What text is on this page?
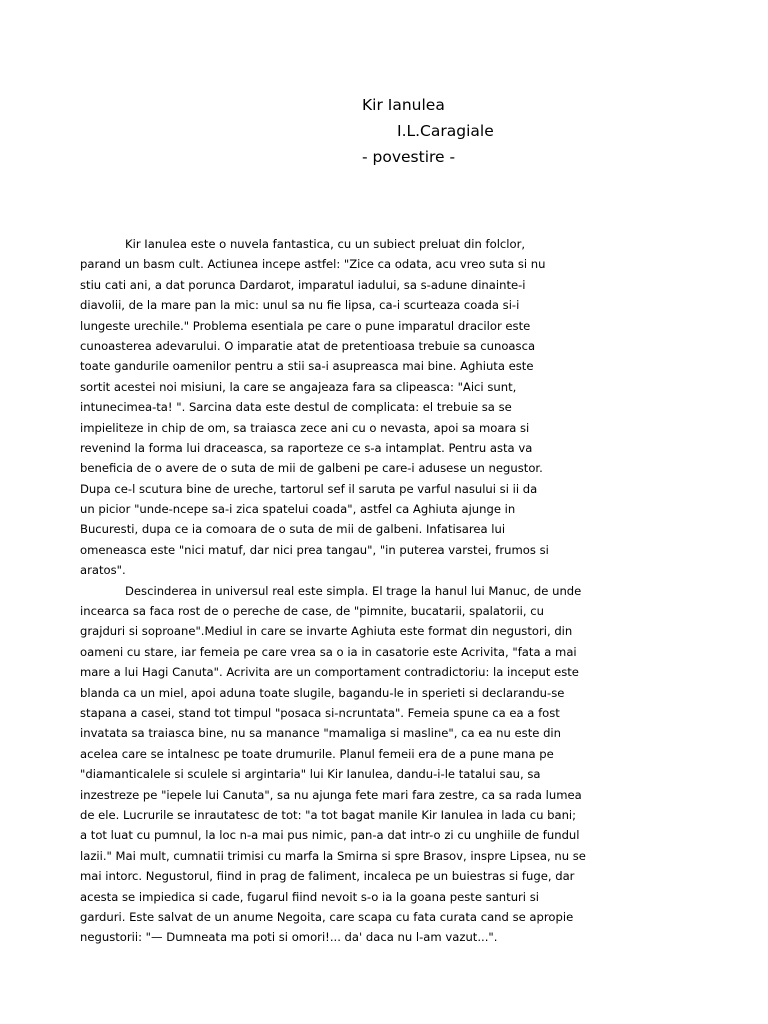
Kir Ianulea
I.L.Caragiale
- povestire -
Kir Ianulea este o nuvela fantastica, cu un subiect preluat din folclor,
parand un basm cult. Actiunea incepe astfel: "Zice ca odata, acu vreo suta si nu
stiu cati ani, a dat porunca Dardarot, imparatul iadului, sa s-adune dinainte-i
diavolii, de la mare pan la mic: unul sa nu fie lipsa, ca-i scurteaza coada si-i
lungeste urechile." Problema esentiala pe care o pune imparatul dracilor este
cunoasterea adevarului. O imparatie atat de pretentioasa trebuie sa cunoasca
toate gandurile oamenilor pentru a stii sa-i asupreasca mai bine. Aghiuta este
sortit acestei noi misiuni, la care se angajeaza fara sa clipeasca: "Aici sunt,
intunecimea-ta! ". Sarcina data este destul de complicata: el trebuie sa se
impieliteze in chip de om, sa traiasca zece ani cu o nevasta, apoi sa moara si
revenind la forma lui draceasca, sa raporteze ce s-a intamplat. Pentru asta va
beneficia de o avere de o suta de mii de galbeni pe care-i adusese un negustor.
Dupa ce-l scutura bine de ureche, tartorul sef il saruta pe varful nasului si ii da
un picior "unde-ncepe sa-i zica spatelui coada", astfel ca Aghiuta ajunge in
Bucuresti, dupa ce ia comoara de o suta de mii de galbeni. Infatisarea lui
omeneasca este "nici matuf, dar nici prea tangau", "in puterea varstei, frumos si
aratos".
Descinderea in universul real este simpla. El trage la hanul lui Manuc, de unde
incearca sa faca rost de o pereche de case, de "pimnite, bucatarii, spalatorii, cu
grajduri si soproane".Mediul in care se invarte Aghiuta este format din negustori, din
oameni cu stare, iar femeia pe care vrea sa o ia in casatorie este Acrivita, "fata a mai
mare a lui Hagi Canuta". Acrivita are un comportament contradictoriu: la inceput este
blanda ca un miel, apoi aduna toate slugile, bagandu-le in sperieti si declarandu-se
stapana a casei, stand tot timpul "posaca si-ncruntata". Femeia spune ca ea a fost
invatata sa traiasca bine, nu sa manance "mamaliga si masline", ca ea nu este din
acelea care se intalnesc pe toate drumurile. Planul femeii era de a pune mana pe
"diamanticalele si sculele si argintaria" lui Kir Ianulea, dandu-i-le tatalui sau, sa
inzestreze pe "iepele lui Canuta", sa nu ajunga fete mari fara zestre, ca sa rada lumea
de ele. Lucrurile se inrautatesc de tot: "a tot bagat manile Kir Ianulea in lada cu bani;
a tot luat cu pumnul, la loc n-a mai pus nimic, pan-a dat intr-o zi cu unghiile de fundul
lazii." Mai mult, cumnatii trimisi cu marfa la Smirna si spre Brasov, inspre Lipsea, nu se
mai intorc. Negustorul, fiind in prag de faliment, incaleca pe un buiestras si fuge, dar
acesta se impiedica si cade, fugarul fiind nevoit s-o ia la goana peste santuri si
garduri. Este salvat de un anume Negoita, care scapa cu fata curata cand se apropie
negustorii: "— Dumneata ma poti si omori!... da' daca nu l-am vazut...".
